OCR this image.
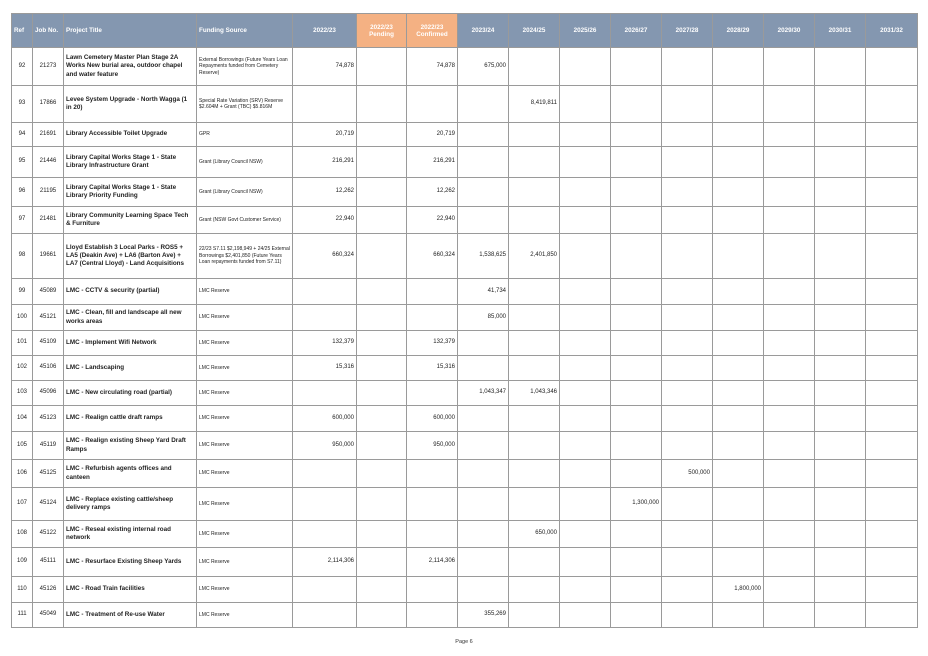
Ref	Job No.	Project Title	Funding Source	2022/23	2022/23 Pending	2022/23 Confirmed	2023/24	2024/25	2025/26	2026/27	2027/28	2028/29	2029/30	2030/31	2031/32
92	21273	Lawn Cemetery Master Plan Stage 2A Works New burial area, outdoor chapel and water feature	External Borrowings (Future Years Loan Repayments funded from Cemetery Reserve)	74,878		74,878	675,000								
93	17866	Levee System Upgrade - North Wagga (1 in 20)	Special Rate Variation (SRV) Reserve $2.604M + Grant (TBC) $5.816M					8,419,811							
94	21691	Library Accessible Toilet Upgrade	GPR	20,719		20,719									
95	21446	Library Capital Works Stage 1 - State Library Infrastructure Grant	Grant (Library Council NSW)	216,291		216,291									
96	21195	Library Capital Works Stage 1 - State Library Priority Funding	Grant (Library Council NSW)	12,262		12,262									
97	21481	Library Community Learning Space Tech & Furniture	Grant (NSW Govt Customer Service)	22,940		22,940									
98	19661	Lloyd Establish 3 Local Parks - ROS5 + LA5 (Deakin Ave) + LA6 (Barton Ave) + LA7 (Central Lloyd) - Land Acquisitions	22/23 S7.11 $2,198,949 + 24/25 External Borrowings $2,401,850 (Future Years Loan repayments funded from S7.11)	660,324		660,324	1,538,625	2,401,850							
99	45089	LMC - CCTV & security (partial)	LMC Reserve				41,734								
100	45121	LMC - Clean, fill and landscape all new works areas	LMC Reserve				85,000								
101	45109	LMC - Implement Wifi Network	LMC Reserve	132,379		132,379									
102	45106	LMC - Landscaping	LMC Reserve	15,316		15,316									
103	45096	LMC - New circulating road (partial)	LMC Reserve				1,043,347	1,043,346							
104	45123	LMC - Realign cattle draft ramps	LMC Reserve	600,000		600,000									
105	45119	LMC - Realign existing Sheep Yard Draft Ramps	LMC Reserve	950,000		950,000									
106	45125	LMC - Refurbish agents offices and canteen	LMC Reserve								500,000				
107	45124	LMC - Replace existing cattle/sheep delivery ramps	LMC Reserve							1,300,000					
108	45122	LMC - Reseal existing internal road network	LMC Reserve					650,000							
109	45111	LMC - Resurface Existing Sheep Yards	LMC Reserve	2,114,306		2,114,306									
110	45126	LMC - Road Train facilities	LMC Reserve									1,800,000			
111	45049	LMC - Treatment of Re-use Water	LMC Reserve				355,269								
Page 6
